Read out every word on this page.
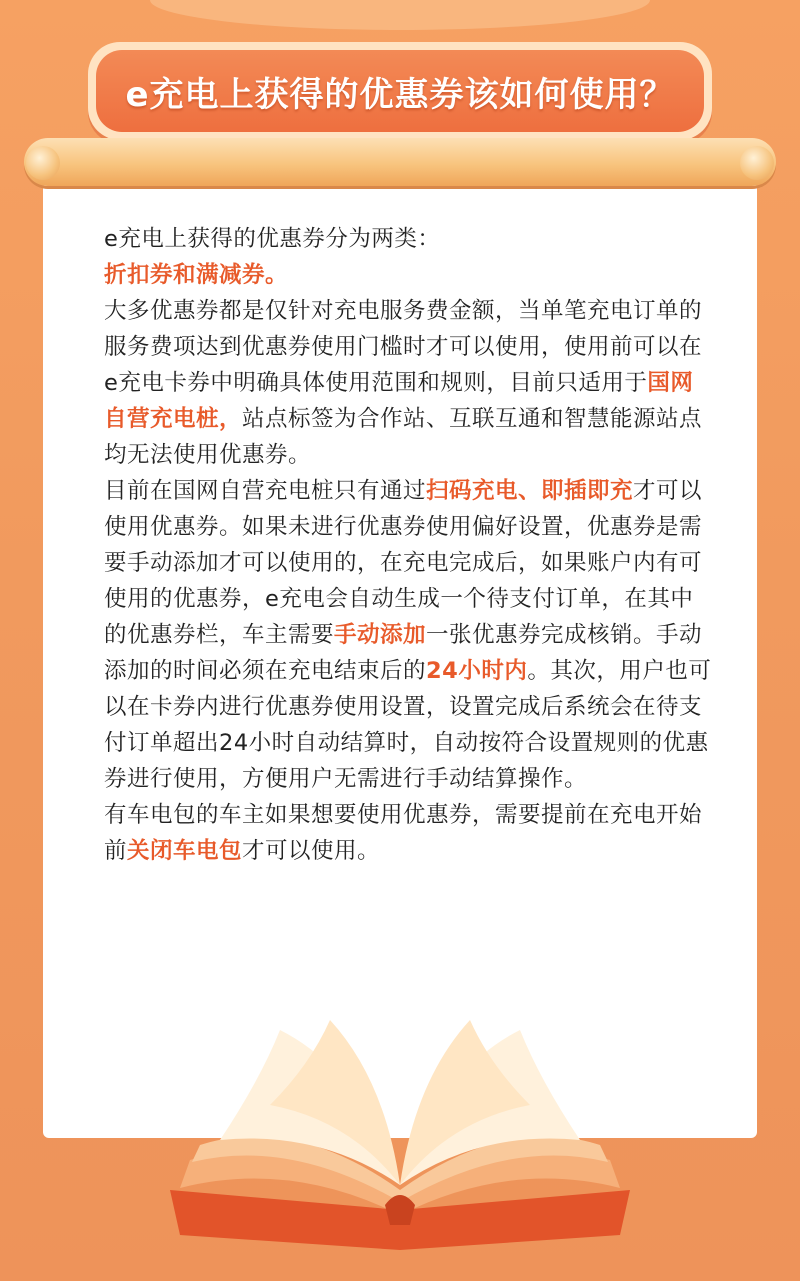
e充电上获得的优惠券该如何使用？

e充电上获得的优惠券分为两类：

折扣券和满减券。

大多优惠券都是仅针对充电服务费金额，当单笔充电订单的服务费项达到优惠券使用门槛时才可以使用，使用前可以在e充电卡券中明确具体使用范围和规则，目前只适用于国网自营充电桩，站点标签为合作站、互联互通和智慧能源站点均无法使用优惠券。

目前在国网自营充电桩只有通过扫码充电、即插即充才可以使用优惠券。如果未进行优惠券使用偏好设置，优惠券是需要手动添加才可以使用的，在充电完成后，如果账户内有可使用的优惠券，e充电会自动生成一个待支付订单，在其中的优惠券栏，车主需要手动添加一张优惠券完成核销。手动添加的时间必须在充电结束后的24小时内。其次，用户也可以在卡券内进行优惠券使用设置，设置完成后系统会在待支付订单超出24小时自动结算时，自动按符合设置规则的优惠券进行使用，方便用户无需进行手动结算操作。

有车电包的车主如果想要使用优惠券，需要提前在充电开始前关闭车电包才可以使用。
